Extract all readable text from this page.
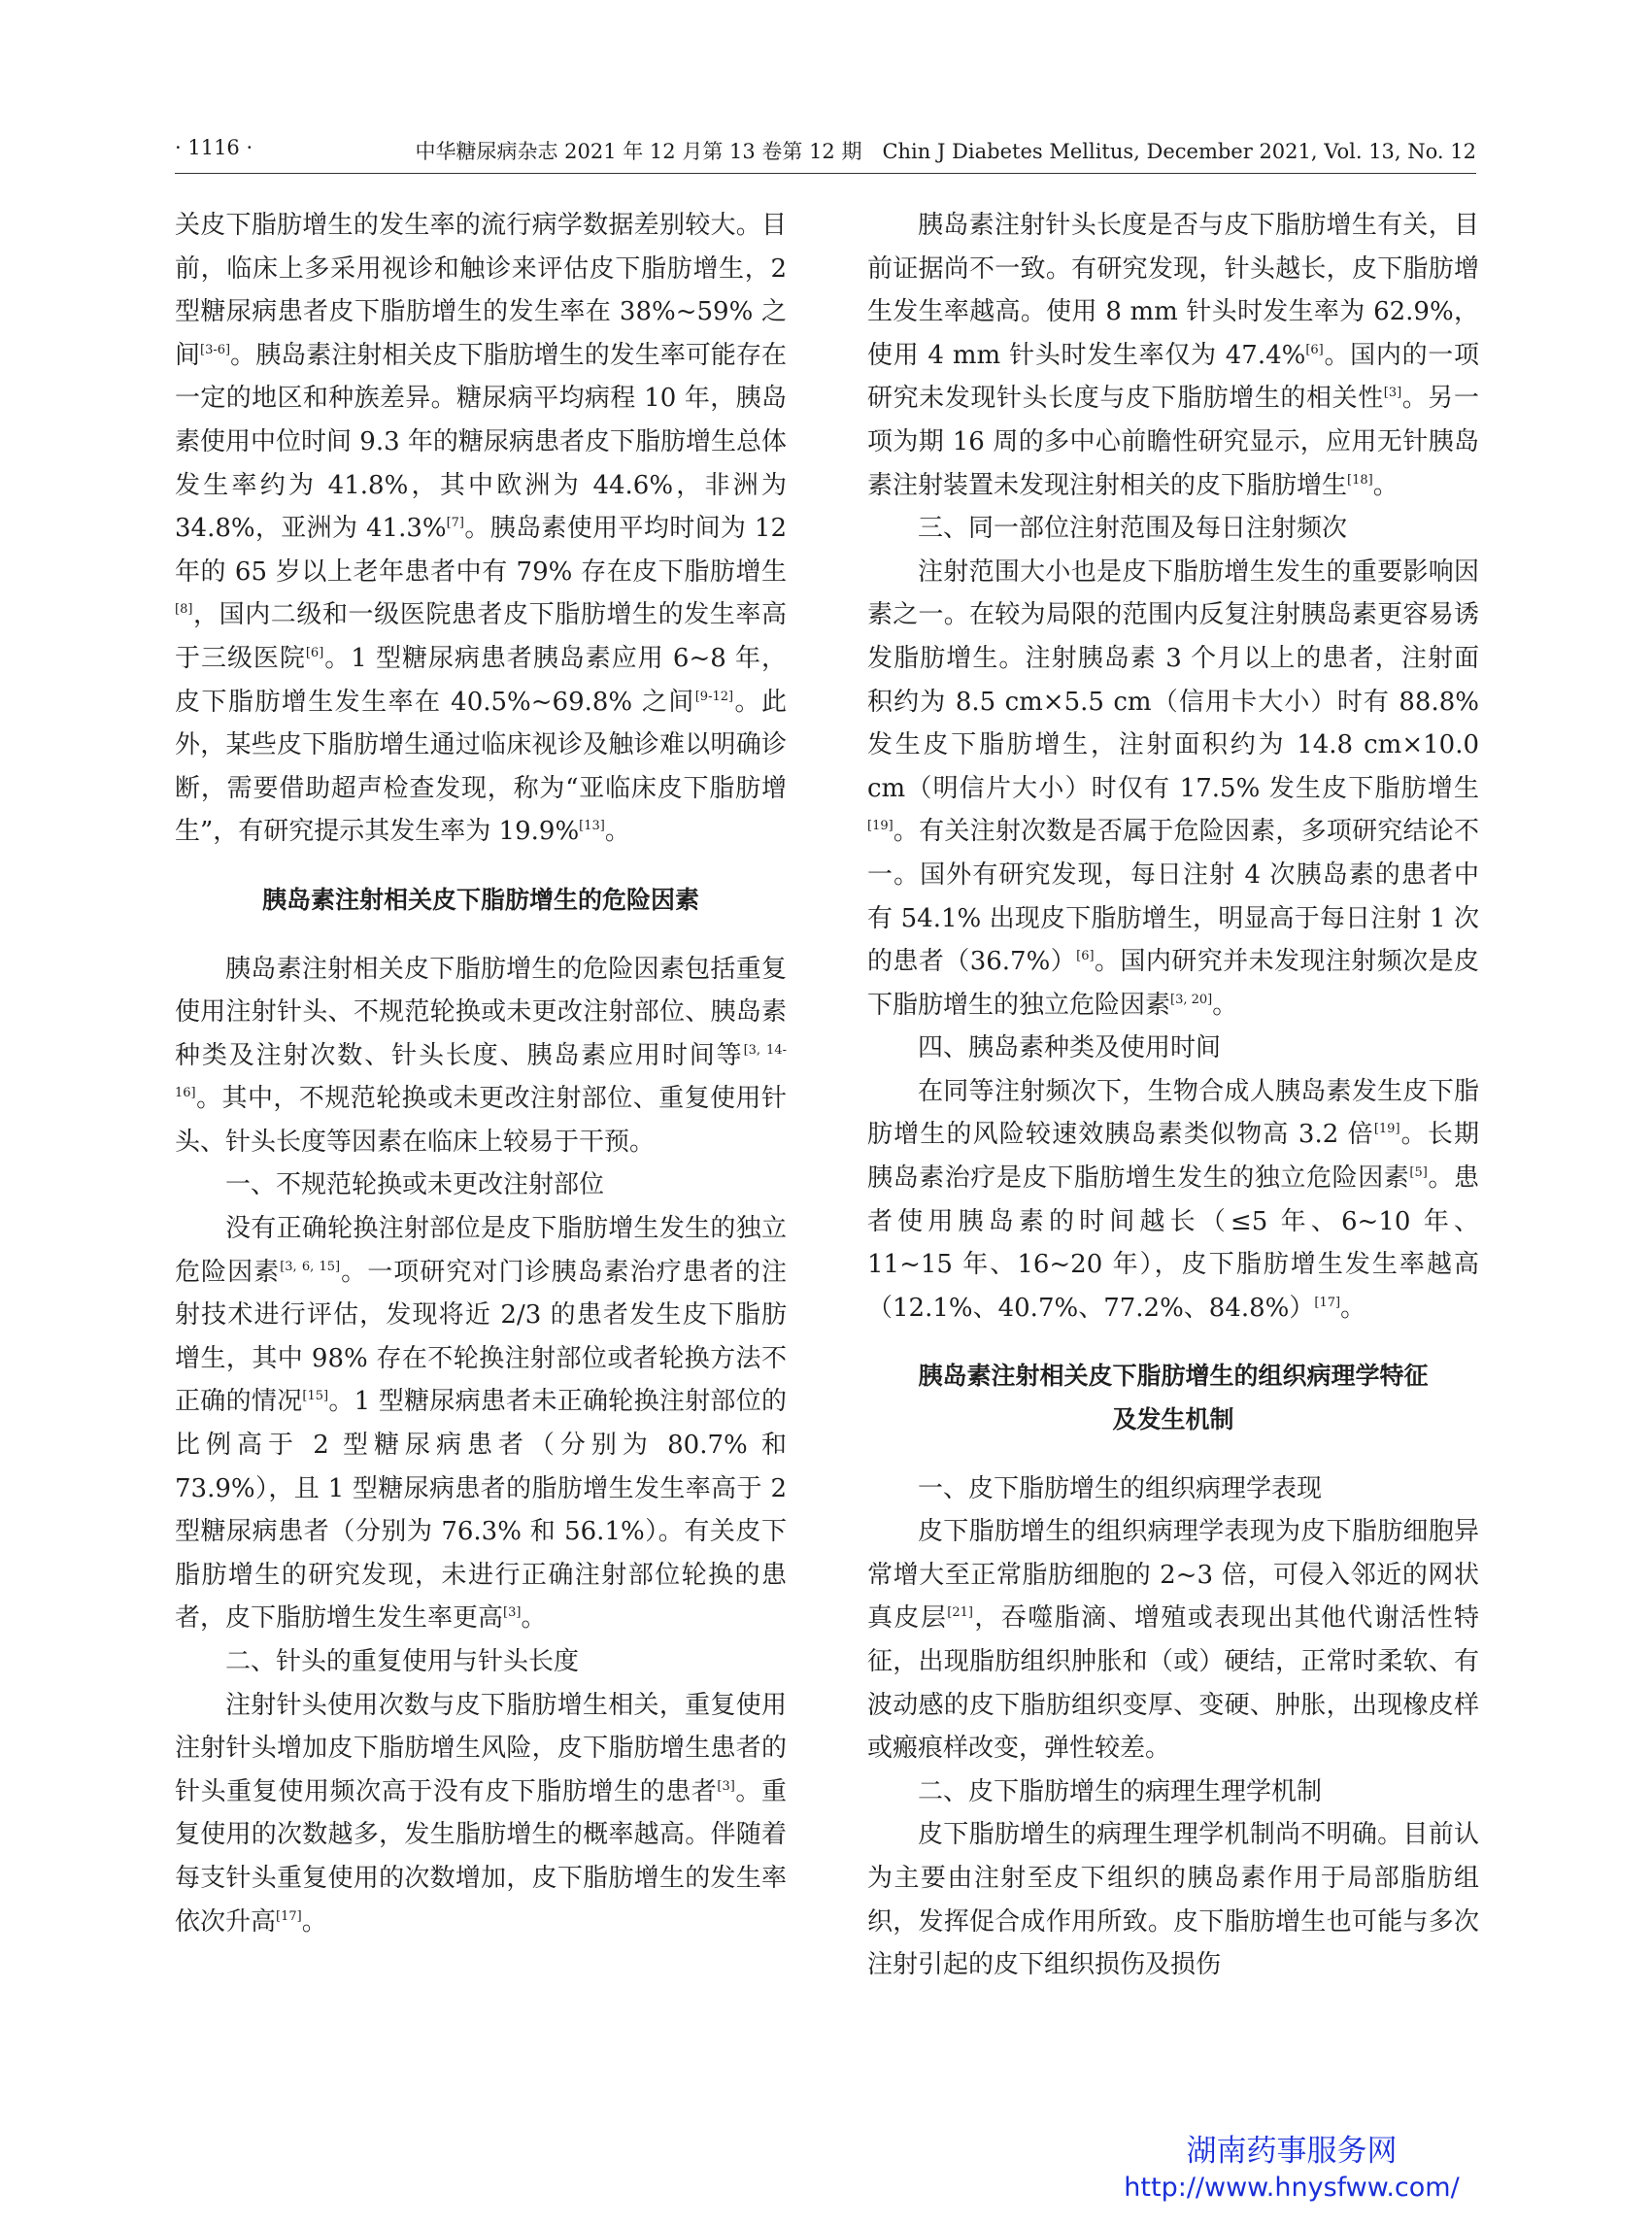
· 1116 ·	中华糖尿病杂志 2021 年 12 月第 13 卷第 12 期　Chin J Diabetes Mellitus, December 2021, Vol. 13, No. 12

关皮下脂肪增生的发生率的流行病学数据差别较大。目前，临床上多采用视诊和触诊来评估皮下脂肪增生，2 型糖尿病患者皮下脂肪增生的发生率在 38%~59% 之间[3-6]。胰岛素注射相关皮下脂肪增生的发生率可能存在一定的地区和种族差异。糖尿病平均病程 10 年，胰岛素使用中位时间 9.3 年的糖尿病患者皮下脂肪增生总体发生率约为 41.8%，其中欧洲为 44.6%，非洲为 34.8%，亚洲为 41.3%[7]。胰岛素使用平均时间为 12 年的 65 岁以上老年患者中有 79% 存在皮下脂肪增生[8]，国内二级和一级医院患者皮下脂肪增生的发生率高于三级医院[6]。1 型糖尿病患者胰岛素应用 6~8 年，皮下脂肪增生发生率在 40.5%~69.8% 之间[9-12]。此外，某些皮下脂肪增生通过临床视诊及触诊难以明确诊断，需要借助超声检查发现，称为“亚临床皮下脂肪增生”，有研究提示其发生率为 19.9%[13]。

胰岛素注射相关皮下脂肪增生的危险因素

胰岛素注射相关皮下脂肪增生的危险因素包括重复使用注射针头、不规范轮换或未更改注射部位、胰岛素种类及注射次数、针头长度、胰岛素应用时间等[3, 14-16]。其中，不规范轮换或未更改注射部位、重复使用针头、针头长度等因素在临床上较易于干预。

一、不规范轮换或未更改注射部位

没有正确轮换注射部位是皮下脂肪增生发生的独立危险因素[3, 6, 15]。一项研究对门诊胰岛素治疗患者的注射技术进行评估，发现将近 2/3 的患者发生皮下脂肪增生，其中 98% 存在不轮换注射部位或者轮换方法不正确的情况[15]。1 型糖尿病患者未正确轮换注射部位的比例高于 2 型糖尿病患者（分别为 80.7% 和 73.9%），且 1 型糖尿病患者的脂肪增生发生率高于 2 型糖尿病患者（分别为 76.3% 和 56.1%）。有关皮下脂肪增生的研究发现，未进行正确注射部位轮换的患者，皮下脂肪增生发生率更高[3]。

二、针头的重复使用与针头长度

注射针头使用次数与皮下脂肪增生相关，重复使用注射针头增加皮下脂肪增生风险，皮下脂肪增生患者的针头重复使用频次高于没有皮下脂肪增生的患者[3]。重复使用的次数越多，发生脂肪增生的概率越高。伴随着每支针头重复使用的次数增加，皮下脂肪增生的发生率依次升高[17]。

胰岛素注射针头长度是否与皮下脂肪增生有关，目前证据尚不一致。有研究发现，针头越长，皮下脂肪增生发生率越高。使用 8 mm 针头时发生率为 62.9%，使用 4 mm 针头时发生率仅为 47.4%[6]。国内的一项研究未发现针头长度与皮下脂肪增生的相关性[3]。另一项为期 16 周的多中心前瞻性研究显示，应用无针胰岛素注射装置未发现注射相关的皮下脂肪增生[18]。

三、同一部位注射范围及每日注射频次

注射范围大小也是皮下脂肪增生发生的重要影响因素之一。在较为局限的范围内反复注射胰岛素更容易诱发脂肪增生。注射胰岛素 3 个月以上的患者，注射面积约为 8.5 cm×5.5 cm（信用卡大小）时有 88.8% 发生皮下脂肪增生，注射面积约为 14.8 cm×10.0 cm（明信片大小）时仅有 17.5% 发生皮下脂肪增生[19]。有关注射次数是否属于危险因素，多项研究结论不一。国外有研究发现，每日注射 4 次胰岛素的患者中有 54.1% 出现皮下脂肪增生，明显高于每日注射 1 次的患者（36.7%）[6]。国内研究并未发现注射频次是皮下脂肪增生的独立危险因素[3, 20]。

四、胰岛素种类及使用时间

在同等注射频次下，生物合成人胰岛素发生皮下脂肪增生的风险较速效胰岛素类似物高 3.2 倍[19]。长期胰岛素治疗是皮下脂肪增生发生的独立危险因素[5]。患者使用胰岛素的时间越长（≤5 年、6~10 年、11~15 年、16~20 年），皮下脂肪增生发生率越高（12.1%、40.7%、77.2%、84.8%）[17]。

胰岛素注射相关皮下脂肪增生的组织病理学特征
及发生机制

一、皮下脂肪增生的组织病理学表现

皮下脂肪增生的组织病理学表现为皮下脂肪细胞异常增大至正常脂肪细胞的 2~3 倍，可侵入邻近的网状真皮层[21]，吞噬脂滴、增殖或表现出其他代谢活性特征，出现脂肪组织肿胀和（或）硬结，正常时柔软、有波动感的皮下脂肪组织变厚、变硬、肿胀，出现橡皮样或瘢痕样改变，弹性较差。

二、皮下脂肪增生的病理生理学机制

皮下脂肪增生的病理生理学机制尚不明确。目前认为主要由注射至皮下组织的胰岛素作用于局部脂肪组织，发挥促合成作用所致。皮下脂肪增生也可能与多次注射引起的皮下组织损伤及损伤

湖南药事服务网
http://www.hnysfww.com/
